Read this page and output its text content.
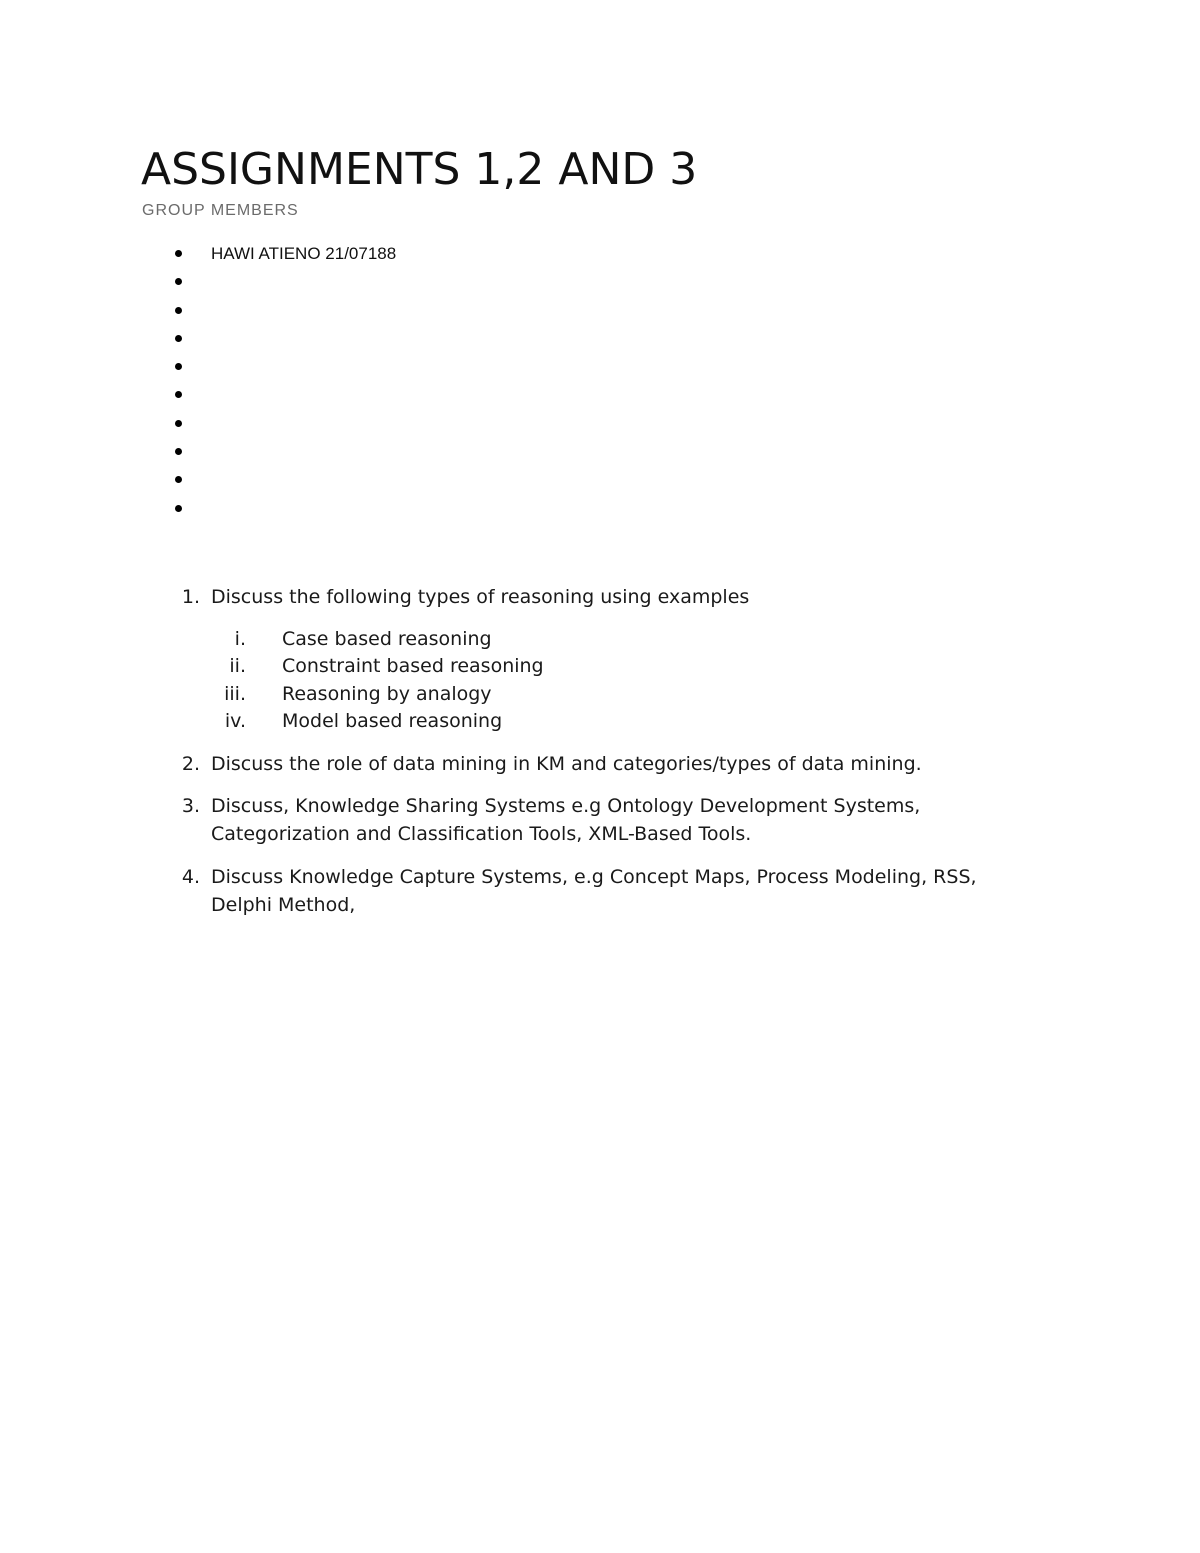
ASSIGNMENTS 1,2 AND 3
GROUP MEMBERS
HAWI ATIENO 21/07188
1. Discuss the following types of reasoning using examples
i. Case based reasoning
ii. Constraint based reasoning
iii. Reasoning by analogy
iv. Model based reasoning
2. Discuss the role of data mining in KM and categories/types of data mining.
3. Discuss, Knowledge Sharing Systems e.g Ontology Development Systems, Categorization and Classification Tools, XML-Based Tools.
4. Discuss Knowledge Capture Systems, e.g Concept Maps, Process Modeling, RSS, Delphi Method,
